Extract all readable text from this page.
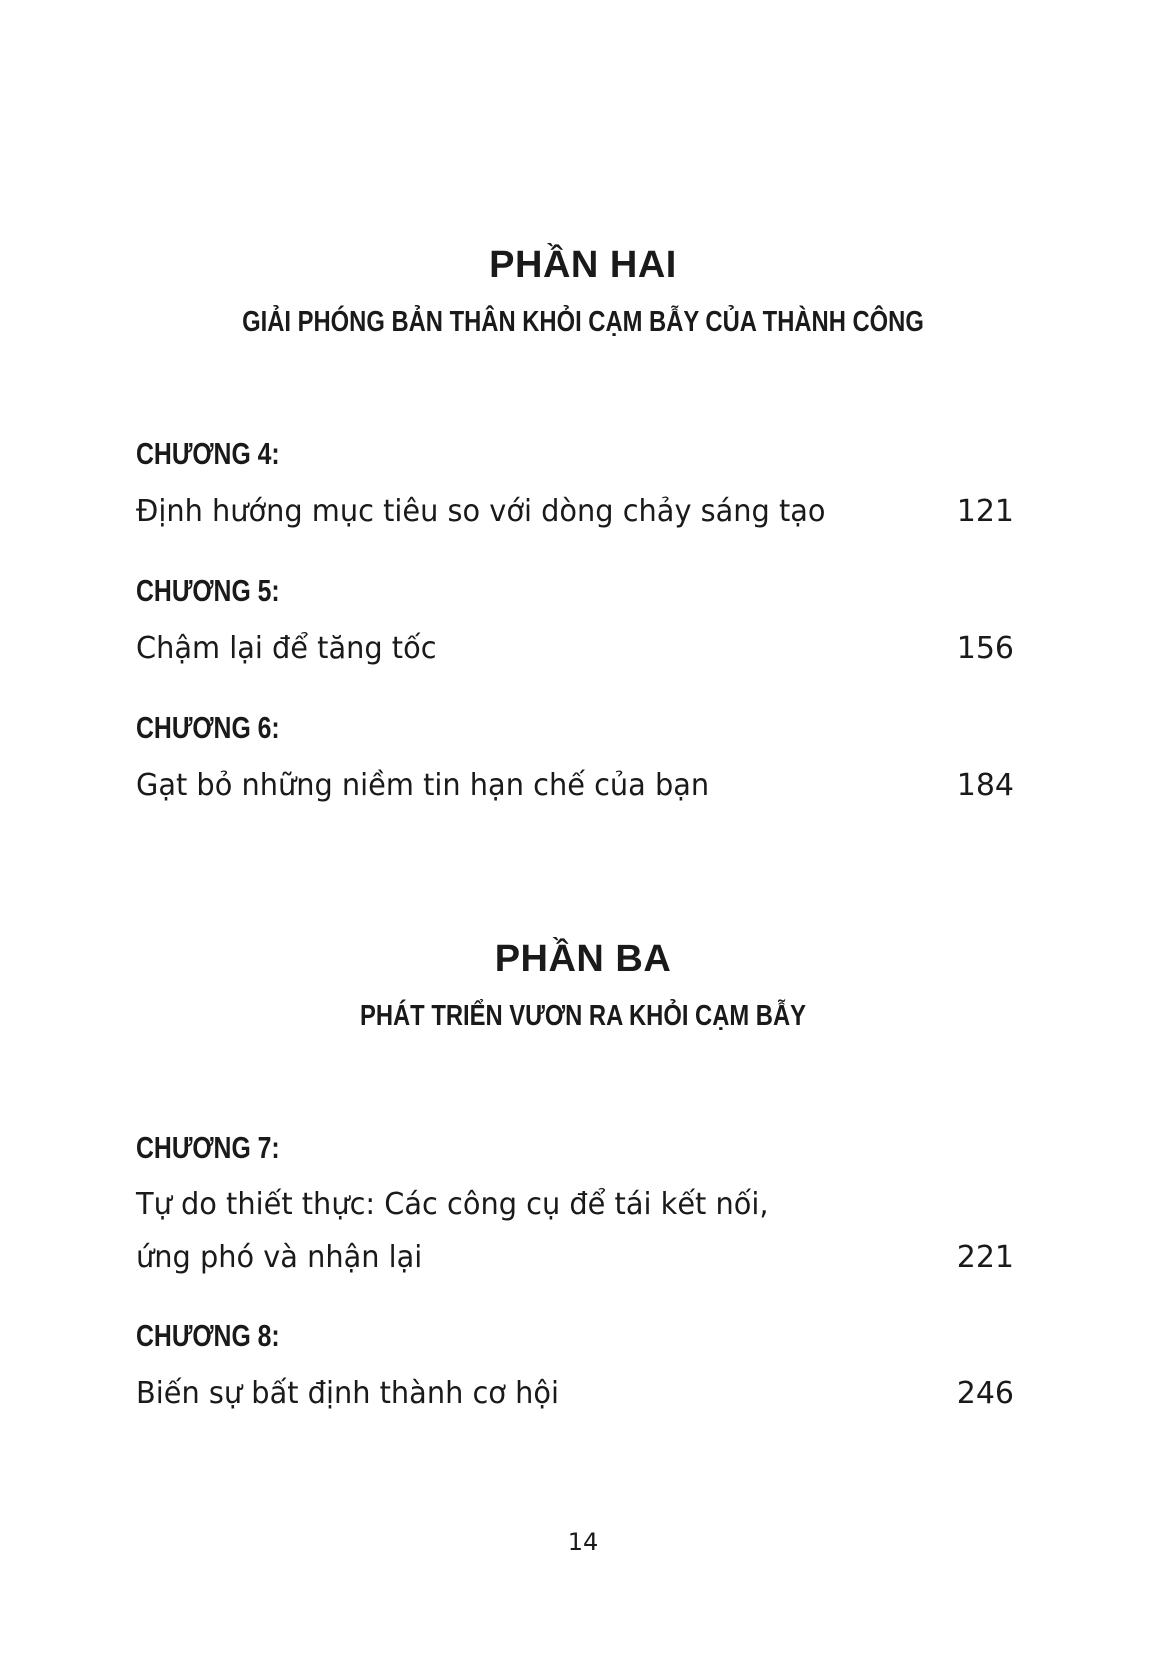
PHẦN HAI
GIẢI PHÓNG BẢN THÂN KHỎI CẠM BẪY CỦA THÀNH CÔNG
CHƯƠNG 4:
Định hướng mục tiêu so với dòng chảy sáng tạo	121
CHƯƠNG 5:
Chậm lại để tăng tốc	156
CHƯƠNG 6:
Gạt bỏ những niềm tin hạn chế của bạn	184
PHẦN BA
PHÁT TRIỂN VƯƠN RA KHỎI CẠM BẪY
CHƯƠNG 7:
Tự do thiết thực: Các công cụ để tái kết nối,
ứng phó và nhận lại	221
CHƯƠNG 8:
Biến sự bất định thành cơ hội	246
14
